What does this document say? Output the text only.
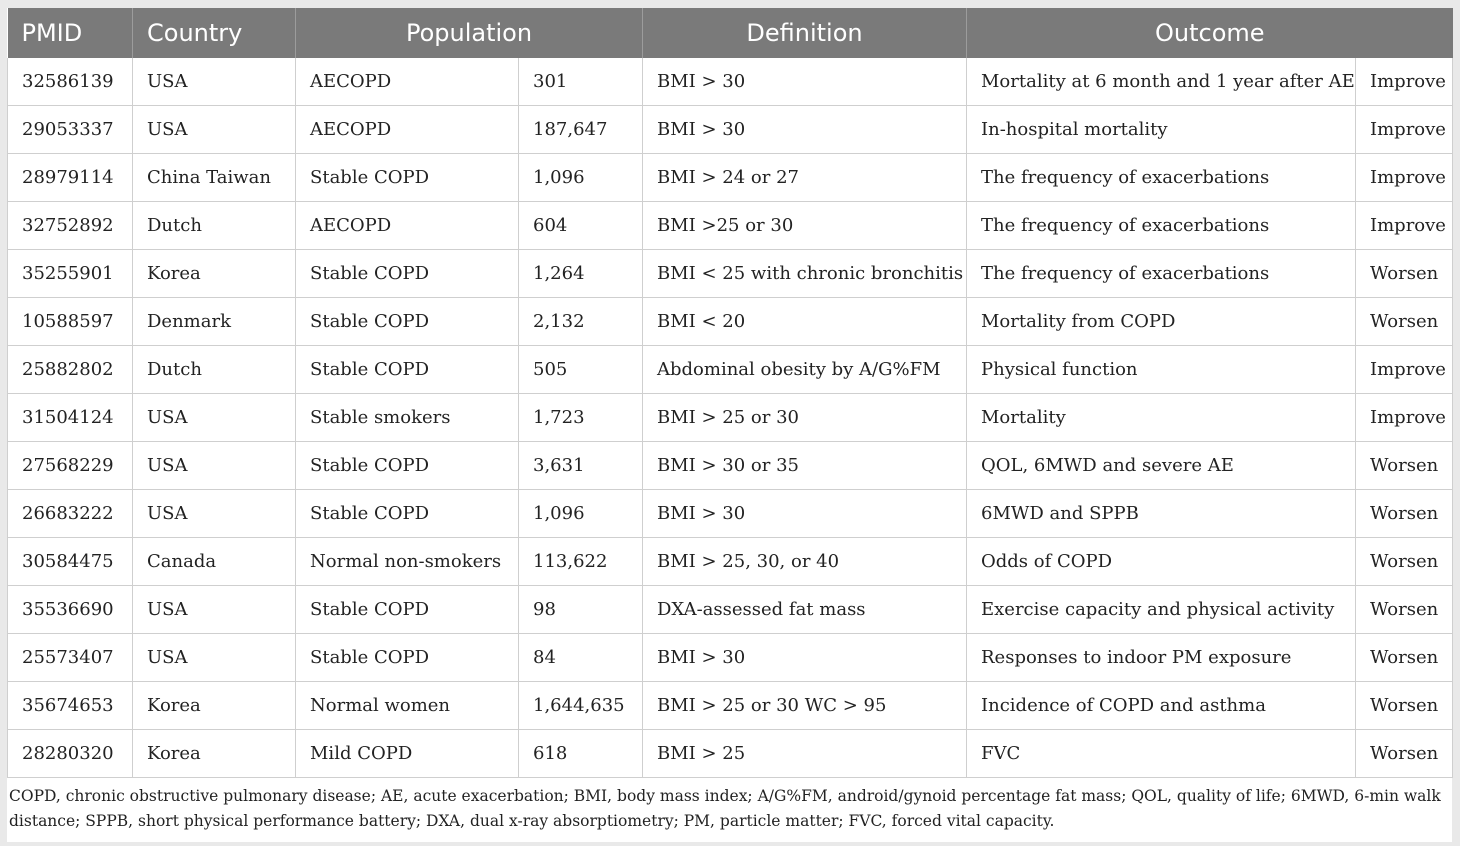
PMID	Country	Population		Definition	Outcome	
32586139	USA	AECOPD	301	BMI > 30	Mortality at 6 month and 1 year after AE	Improve
29053337	USA	AECOPD	187,647	BMI > 30	In-hospital mortality	Improve
28979114	China Taiwan	Stable COPD	1,096	BMI > 24 or 27	The frequency of exacerbations	Improve
32752892	Dutch	AECOPD	604	BMI >25 or 30	The frequency of exacerbations	Improve
35255901	Korea	Stable COPD	1,264	BMI < 25 with chronic bronchitis	The frequency of exacerbations	Worsen
10588597	Denmark	Stable COPD	2,132	BMI < 20	Mortality from COPD	Worsen
25882802	Dutch	Stable COPD	505	Abdominal obesity by A/G%FM	Physical function	Improve
31504124	USA	Stable smokers	1,723	BMI > 25 or 30	Mortality	Improve
27568229	USA	Stable COPD	3,631	BMI > 30 or 35	QOL, 6MWD and severe AE	Worsen
26683222	USA	Stable COPD	1,096	BMI > 30	6MWD and SPPB	Worsen
30584475	Canada	Normal non-smokers	113,622	BMI > 25, 30, or 40	Odds of COPD	Worsen
35536690	USA	Stable COPD	98	DXA-assessed fat mass	Exercise capacity and physical activity	Worsen
25573407	USA	Stable COPD	84	BMI > 30	Responses to indoor PM exposure	Worsen
35674653	Korea	Normal women	1,644,635	BMI > 25 or 30 WC > 95	Incidence of COPD and asthma	Worsen
28280320	Korea	Mild COPD	618	BMI > 25	FVC	Worsen
COPD, chronic obstructive pulmonary disease; AE, acute exacerbation; BMI, body mass index; A/G%FM, android/gynoid percentage fat mass; QOL, quality of life; 6MWD, 6-min walk distance; SPPB, short physical performance battery; DXA, dual x-ray absorptiometry; PM, particle matter; FVC, forced vital capacity.
